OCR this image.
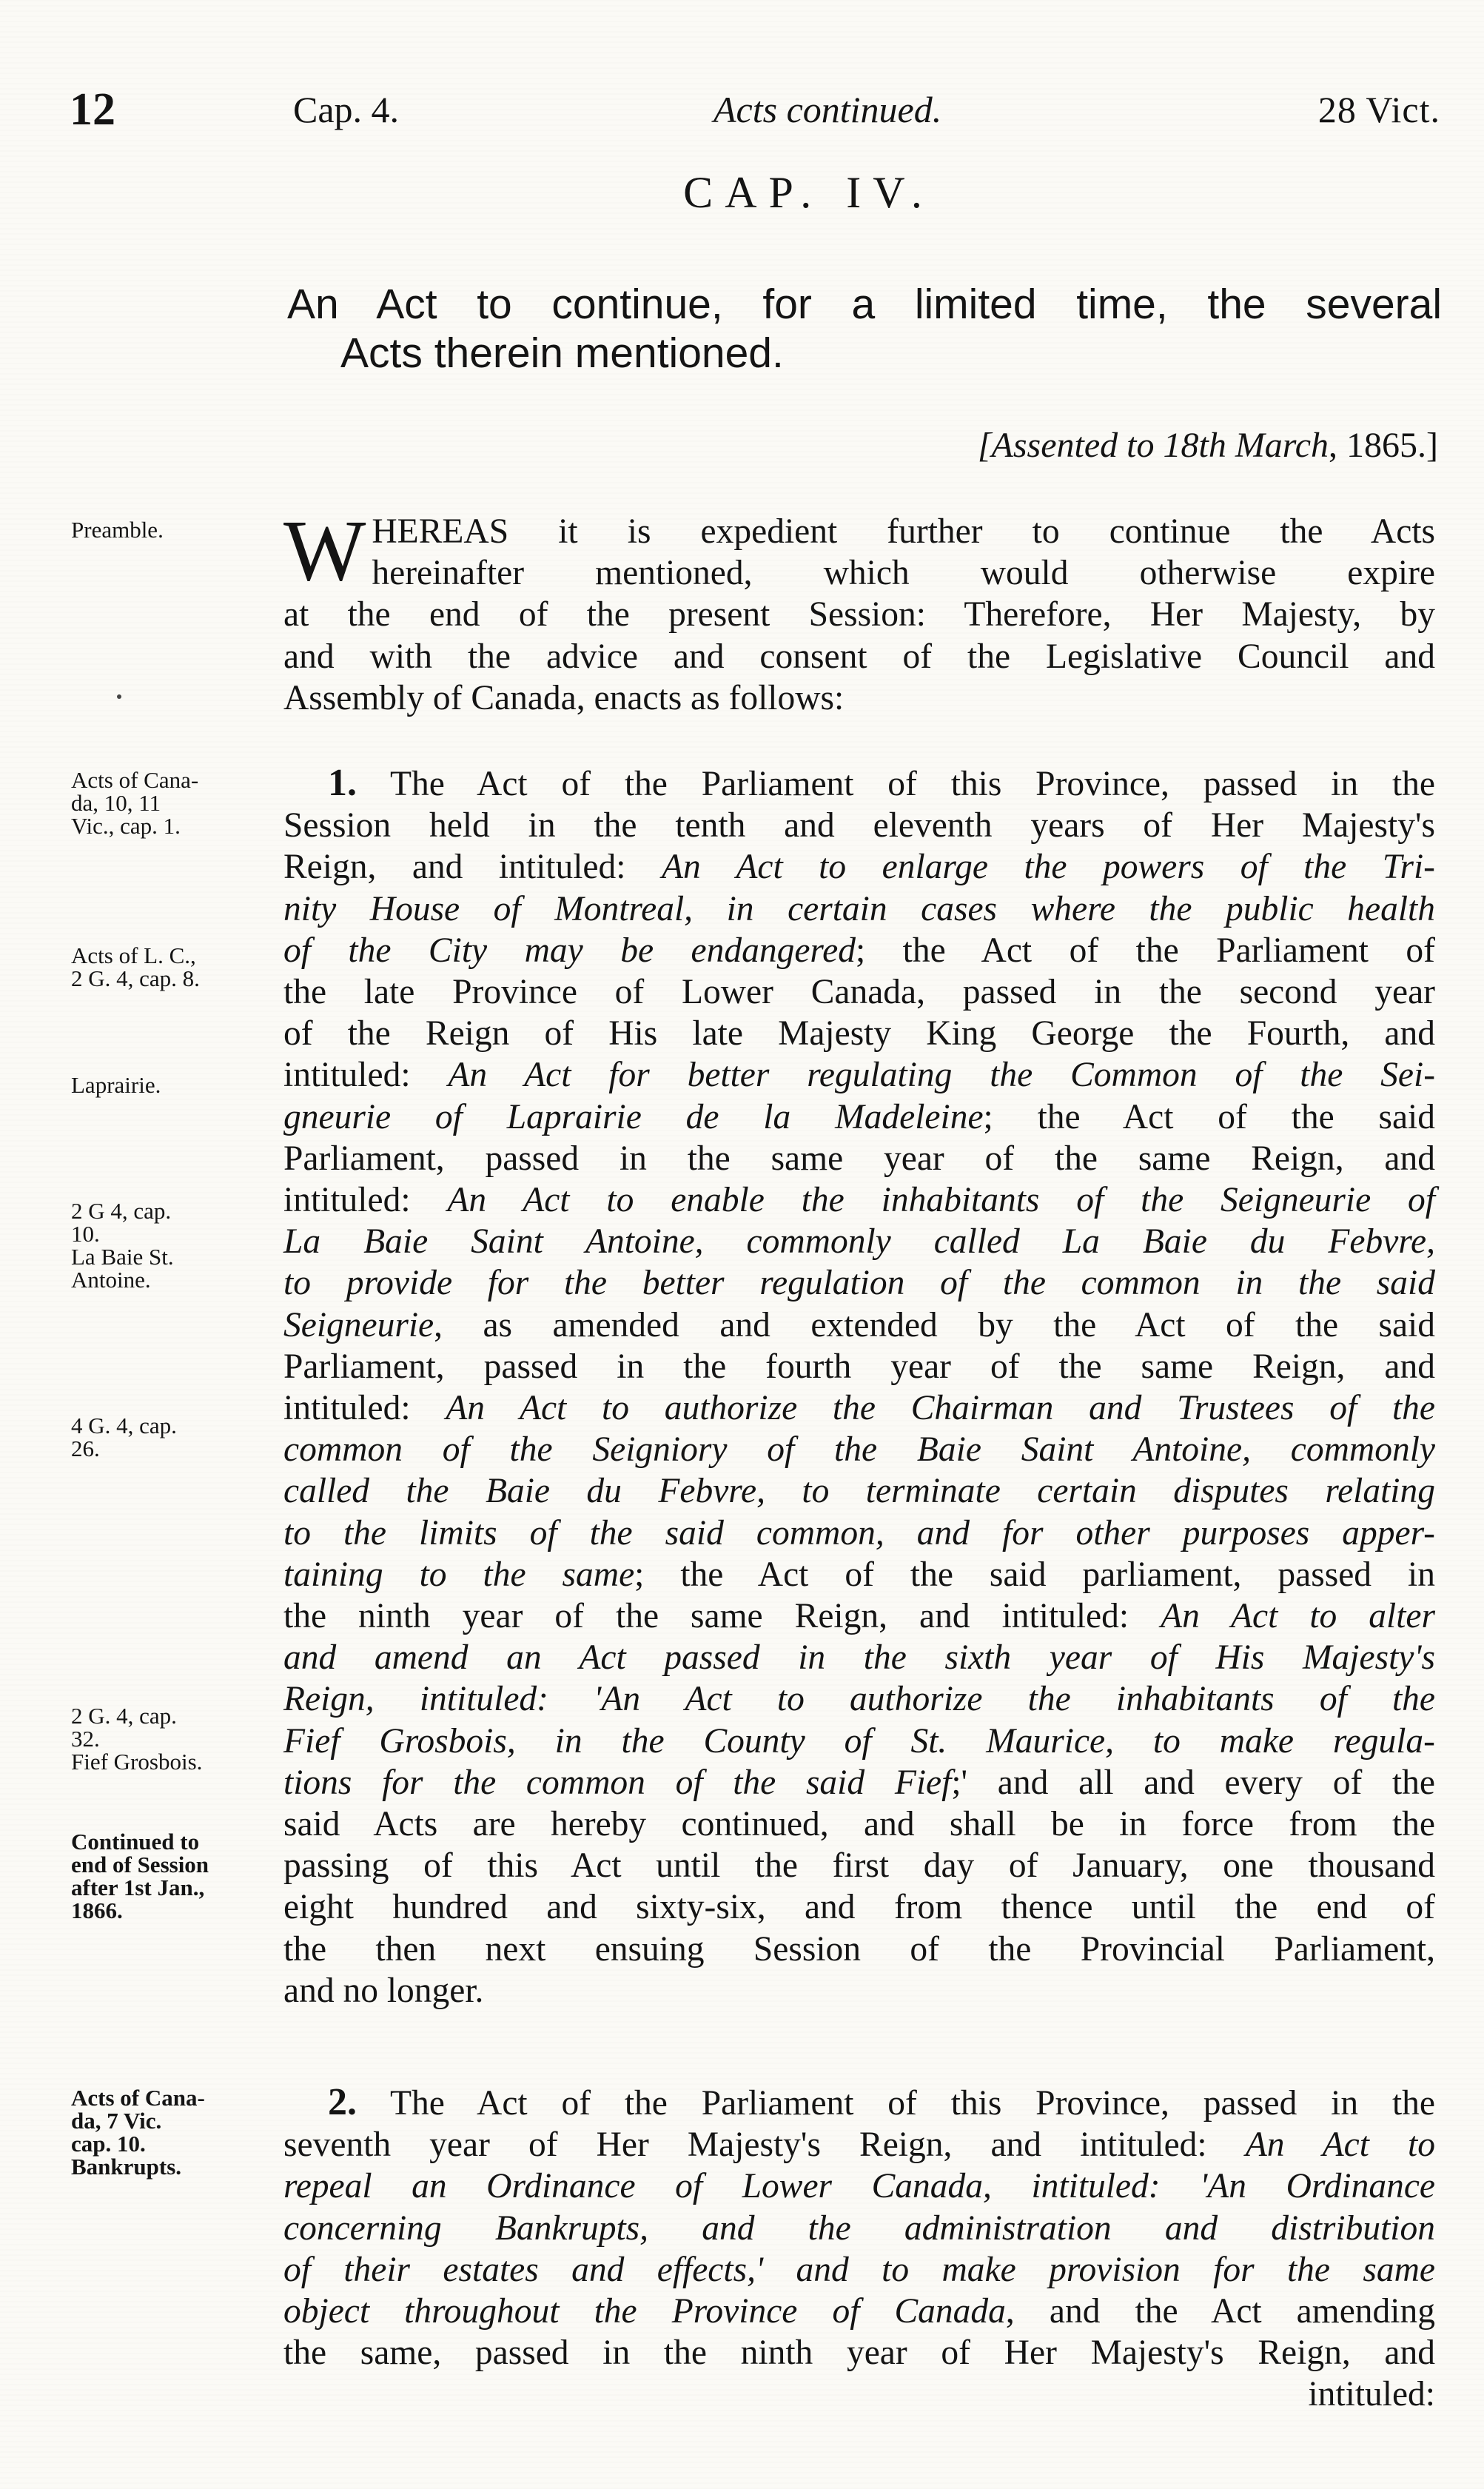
12	Cap. 4.	Acts continued.	28 Vict.
CAP. IV.
An Act to continue, for a limited time, the several
Acts therein mentioned.
[Assented to 18th March, 1865.]
Preamble.
Acts of Cana-
da, 10, 11
Vic., cap. 1.
Acts of L. C.,
2 G. 4, cap. 8.
Laprairie.
2 G 4, cap.
10.
La Baie St.
Antoine.
4 G. 4, cap.
26.
2 G. 4, cap.
32.
Fief Grosbois.
Continued to
end of Session
after 1st Jan.,
1866.
Acts of Cana-
da, 7 Vic.
cap. 10.
Bankrupts.
W HEREAS it is expedient further to continue the Acts
hereinafter mentioned, which would otherwise expire
at the end of the present Session: Therefore, Her Majesty, by
and with the advice and consent of the Legislative Council and
Assembly of Canada, enacts as follows:
1. The Act of the Parliament of this Province, passed in the
Session held in the tenth and eleventh years of Her Majesty's
Reign, and intituled: An Act to enlarge the powers of the Tri-
nity House of Montreal, in certain cases where the public health
of the City may be endangered; the Act of the Parliament of
the late Province of Lower Canada, passed in the second year
of the Reign of His late Majesty King George the Fourth, and
intituled: An Act for better regulating the Common of the Sei-
gneurie of Laprairie de la Madeleine; the Act of the said
Parliament, passed in the same year of the same Reign, and
intituled: An Act to enable the inhabitants of the Seigneurie of
La Baie Saint Antoine, commonly called La Baie du Febvre,
to provide for the better regulation of the common in the said
Seigneurie, as amended and extended by the Act of the said
Parliament, passed in the fourth year of the same Reign, and
intituled: An Act to authorize the Chairman and Trustees of the
common of the Seigniory of the Baie Saint Antoine, commonly
called the Baie du Febvre, to terminate certain disputes relating
to the limits of the said common, and for other purposes apper-
taining to the same; the Act of the said parliament, passed in
the ninth year of the same Reign, and intituled: An Act to alter
and amend an Act passed in the sixth year of His Majesty's
Reign, intituled: 'An Act to authorize the inhabitants of the
Fief Grosbois, in the County of St. Maurice, to make regula-
tions for the common of the said Fief;' and all and every of the
said Acts are hereby continued, and shall be in force from the
passing of this Act until the first day of January, one thousand
eight hundred and sixty-six, and from thence until the end of
the then next ensuing Session of the Provincial Parliament,
and no longer.
2. The Act of the Parliament of this Province, passed in the
seventh year of Her Majesty's Reign, and intituled: An Act to
repeal an Ordinance of Lower Canada, intituled: 'An Ordinance
concerning Bankrupts, and the administration and distribution
of their estates and effects,' and to make provision for the same
object throughout the Province of Canada, and the Act amending
the same, passed in the ninth year of Her Majesty's Reign, and
intituled:
